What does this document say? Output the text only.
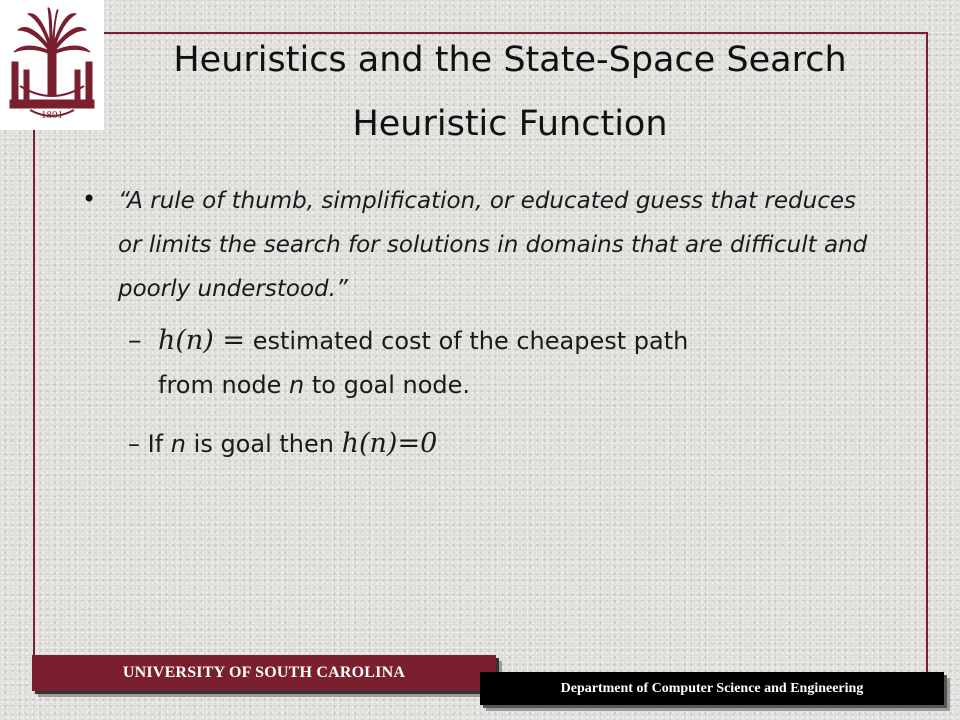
1801
Heuristics and the State-Space Search
Heuristic Function
• “A rule of thumb, simplification, or educated guess that reduces or limits the search for solutions in domains that are difficult and poorly understood.”
– h(n) = estimated cost of the cheapest path
from node n to goal node.
– If n is goal then h(n)=0
UNIVERSITY OF SOUTH CAROLINA
Department of Computer Science and Engineering
